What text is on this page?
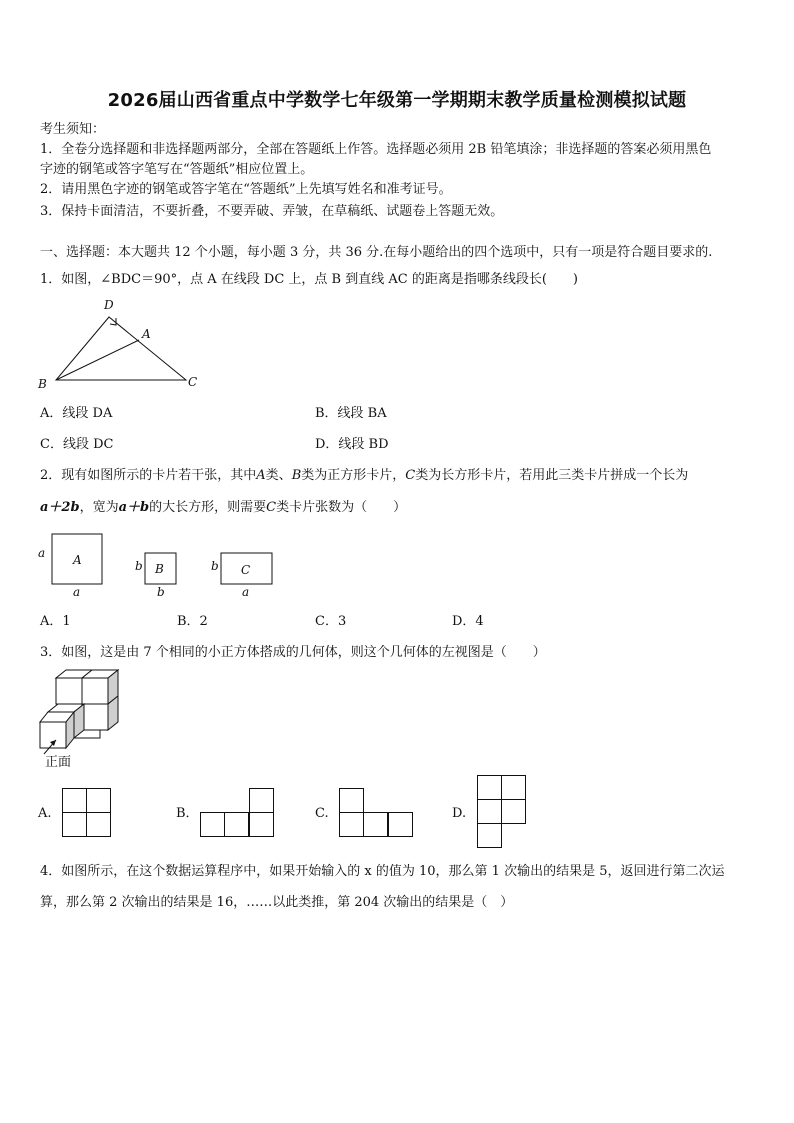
2026届山西省重点中学数学七年级第一学期期末教学质量检测模拟试题
考生须知：
1．全卷分选择题和非选择题两部分，全部在答题纸上作答。选择题必须用 2B 铅笔填涂；非选择题的答案必须用黑色
字迹的钢笔或答字笔写在“答题纸”相应位置上。
2．请用黑色字迹的钢笔或答字笔在“答题纸”上先填写姓名和准考证号。
3．保持卡面清洁，不要折叠，不要弄破、弄皱，在草稿纸、试题卷上答题无效。
一、选择题：本大题共 12 个小题，每小题 3 分，共 36 分.在每小题给出的四个选项中，只有一项是符合题目要求的.
1．如图，∠BDC＝90°，点 A 在线段 DC 上，点 B 到直线 AC 的距离是指哪条线段长(　　)
D
A
B	C
A．线段 DA	B．线段 BA
C．线段 DC	D．线段 BD
2．现有如图所示的卡片若干张，其中A类、B类为正方形卡片，C类为长方形卡片，若用此三类卡片拼成一个长为
a＋2b，宽为a＋b的大长方形，则需要C类卡片张数为（　　）
A
a
a
B
b
b
C
b
a
A．1	B．2	C．3	D．4
3．如图，这是由 7 个相同的小正方体搭成的几何体，则这个几何体的左视图是（　　）
正面
A.	B．	C.	D.
4．如图所示，在这个数据运算程序中，如果开始输入的 x 的值为 10，那么第 1 次输出的结果是 5，返回进行第二次运
算，那么第 2 次输出的结果是 16，……以此类推，第 204 次输出的结果是（　）
